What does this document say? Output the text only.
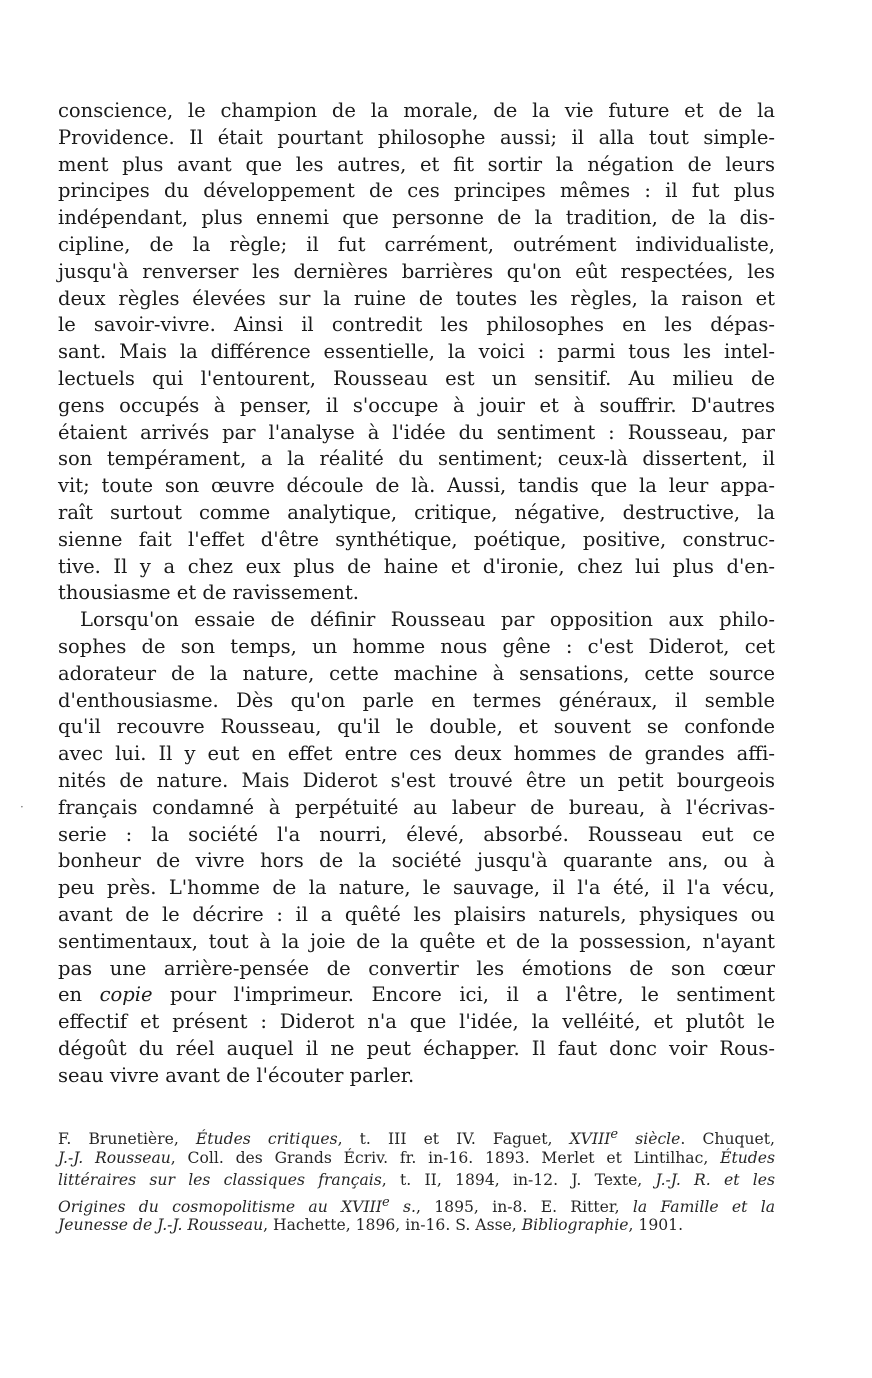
·
conscience, le champion de la morale, de la vie future et de la
Providence. Il était pourtant philosophe aussi; il alla tout simple-
ment plus avant que les autres, et fit sortir la négation de leurs
principes du développement de ces principes mêmes : il fut plus
indépendant, plus ennemi que personne de la tradition, de la dis-
cipline, de la règle; il fut carrément, outrément individualiste,
jusqu'à renverser les dernières barrières qu'on eût respectées, les
deux règles élevées sur la ruine de toutes les règles, la raison et
le savoir-vivre. Ainsi il contredit les philosophes en les dépas-
sant. Mais la différence essentielle, la voici : parmi tous les intel-
lectuels qui l'entourent, Rousseau est un sensitif. Au milieu de
gens occupés à penser, il s'occupe à jouir et à souffrir. D'autres
étaient arrivés par l'analyse à l'idée du sentiment : Rousseau, par
son tempérament, a la réalité du sentiment; ceux-là dissertent, il
vit; toute son œuvre découle de là. Aussi, tandis que la leur appa-
raît surtout comme analytique, critique, négative, destructive, la
sienne fait l'effet d'être synthétique, poétique, positive, construc-
tive. Il y a chez eux plus de haine et d'ironie, chez lui plus d'en-
thousiasme et de ravissement.
Lorsqu'on essaie de définir Rousseau par opposition aux philo-
sophes de son temps, un homme nous gêne : c'est Diderot, cet
adorateur de la nature, cette machine à sensations, cette source
d'enthousiasme. Dès qu'on parle en termes généraux, il semble
qu'il recouvre Rousseau, qu'il le double, et souvent se confonde
avec lui. Il y eut en effet entre ces deux hommes de grandes affi-
nités de nature. Mais Diderot s'est trouvé être un petit bourgeois
français condamné à perpétuité au labeur de bureau, à l'écrivas-
serie : la société l'a nourri, élevé, absorbé. Rousseau eut ce
bonheur de vivre hors de la société jusqu'à quarante ans, ou à
peu près. L'homme de la nature, le sauvage, il l'a été, il l'a vécu,
avant de le décrire : il a quêté les plaisirs naturels, physiques ou
sentimentaux, tout à la joie de la quête et de la possession, n'ayant
pas une arrière-pensée de convertir les émotions de son cœur
en copie pour l'imprimeur. Encore ici, il a l'être, le sentiment
effectif et présent : Diderot n'a que l'idée, la velléité, et plutôt le
dégoût du réel auquel il ne peut échapper. Il faut donc voir Rous-
seau vivre avant de l'écouter parler.
F. Brunetière, Études critiques, t. III et IV. Faguet, XVIIIe siècle. Chuquet,
J.-J. Rousseau, Coll. des Grands Écriv. fr. in-16. 1893. Merlet et Lintilhac, Études
littéraires sur les classiques français, t. II, 1894, in-12. J. Texte, J.-J. R. et les
Origines du cosmopolitisme au XVIIIe s., 1895, in-8. E. Ritter, la Famille et la
Jeunesse de J.-J. Rousseau, Hachette, 1896, in-16. S. Asse, Bibliographie, 1901.
